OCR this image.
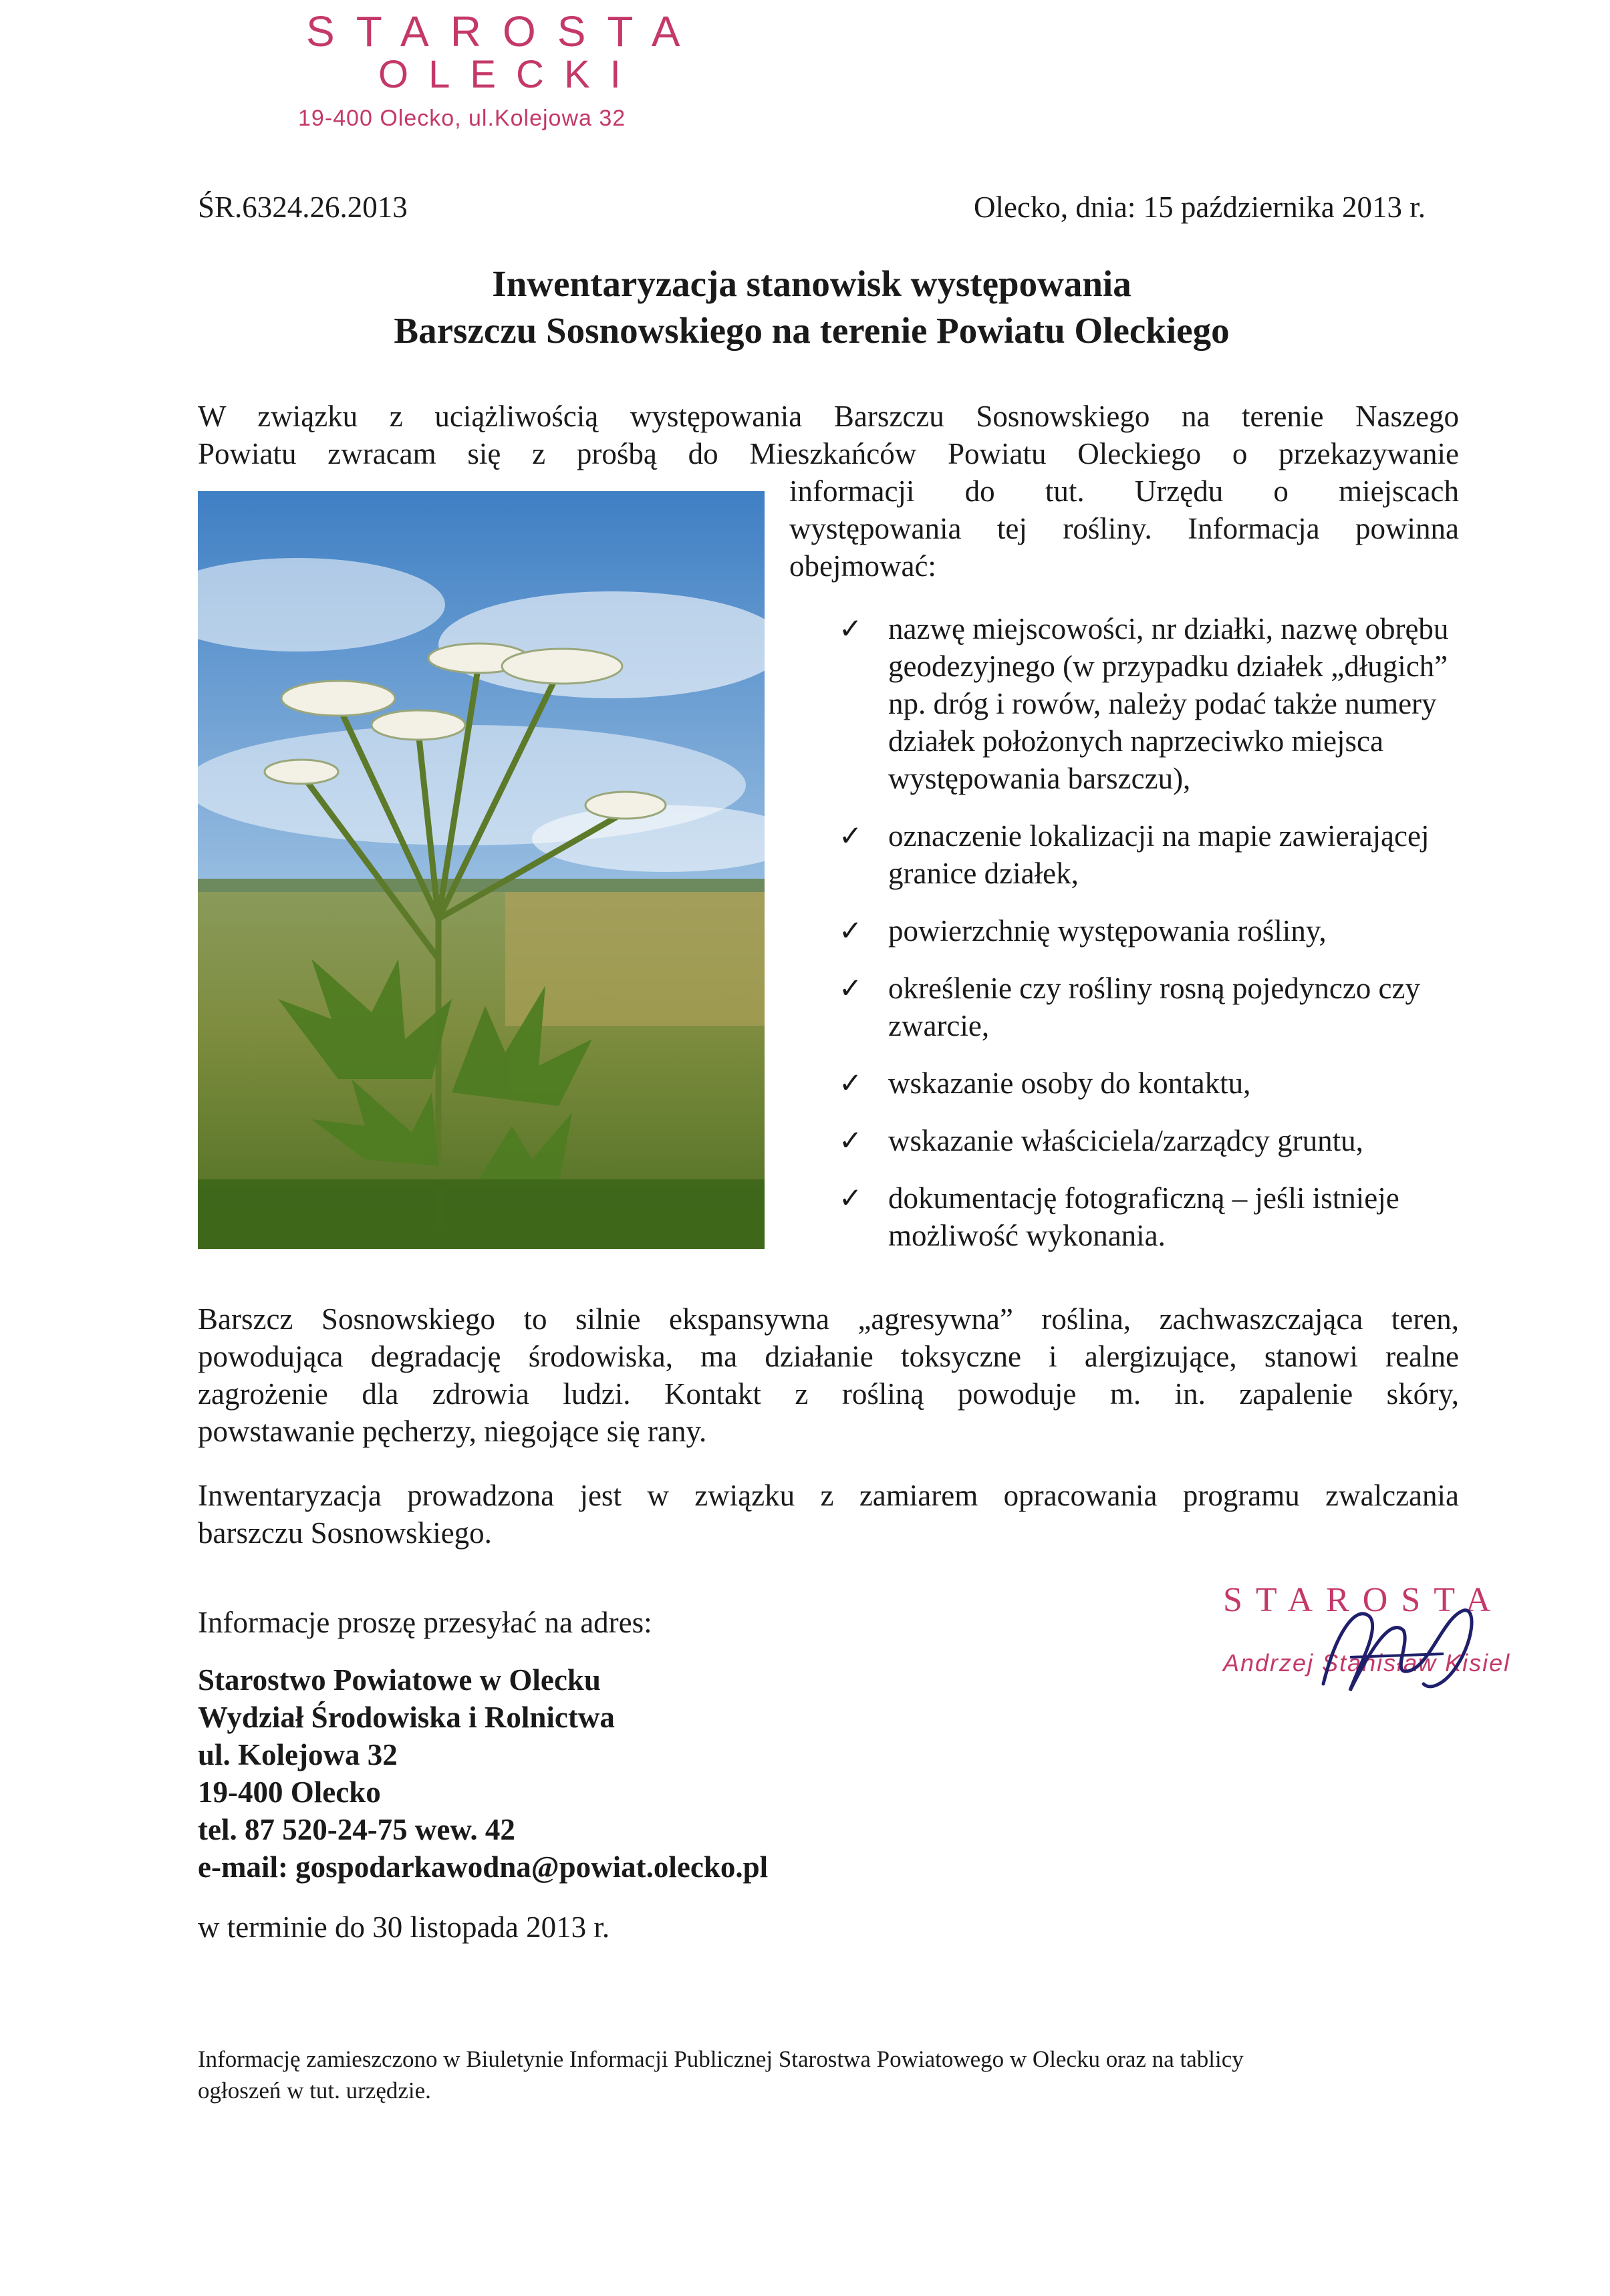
STAROSTA
OLECKI
19-400 Olecko, ul.Kolejowa 32

ŚR.6324.26.2013	Olecko, dnia: 15 października 2013 r.

Inwentaryzacja stanowisk występowania
Barszczu Sosnowskiego na terenie Powiatu Oleckiego
W związku z uciążliwością występowania Barszczu Sosnowskiego na terenie Naszego
Powiatu zwracam się z prośbą do Mieszkańców Powiatu Oleckiego o przekazywanie
informacji do tut. Urzędu o miejscach
występowania tej rośliny. Informacja powinna
obejmować:
✓ nazwę miejscowości, nr działki, nazwę obrębu geodezyjnego (w przypadku działek „długich” np. dróg i rowów, należy podać także numery działek położonych naprzeciwko miejsca występowania barszczu),
✓ oznaczenie lokalizacji na mapie zawierającej granice działek,
✓ powierzchnię występowania rośliny,
✓ określenie czy rośliny rosną pojedynczo czy zwarcie,
✓ wskazanie osoby do kontaktu,
✓ wskazanie właściciela/zarządcy gruntu,
✓ dokumentację fotograficzną – jeśli istnieje możliwość wykonania.
Barszcz Sosnowskiego to silnie ekspansywna „agresywna” roślina, zachwaszczająca teren,
powodująca degradację środowiska, ma działanie toksyczne i alergizujące, stanowi realne
zagrożenie dla zdrowia ludzi. Kontakt z rośliną powoduje m. in. zapalenie skóry,
powstawanie pęcherzy, niegojące się rany.
Inwentaryzacja prowadzona jest w związku z zamiarem opracowania programu zwalczania
barszczu Sosnowskiego.

Informacje proszę przesyłać na adres:

Starostwo Powiatowe w Olecku
Wydział Środowiska i Rolnictwa
ul. Kolejowa 32
19-400 Olecko
tel. 87 520-24-75 wew. 42
e-mail: gospodarkawodna@powiat.olecko.pl

w terminie do 30 listopada 2013 r.

STAROSTA
Andrzej Stanisław Kisiel
Informację zamieszczono w Biuletynie Informacji Publicznej Starostwa Powiatowego w Olecku oraz na tablicy
ogłoszeń w tut. urzędzie.
